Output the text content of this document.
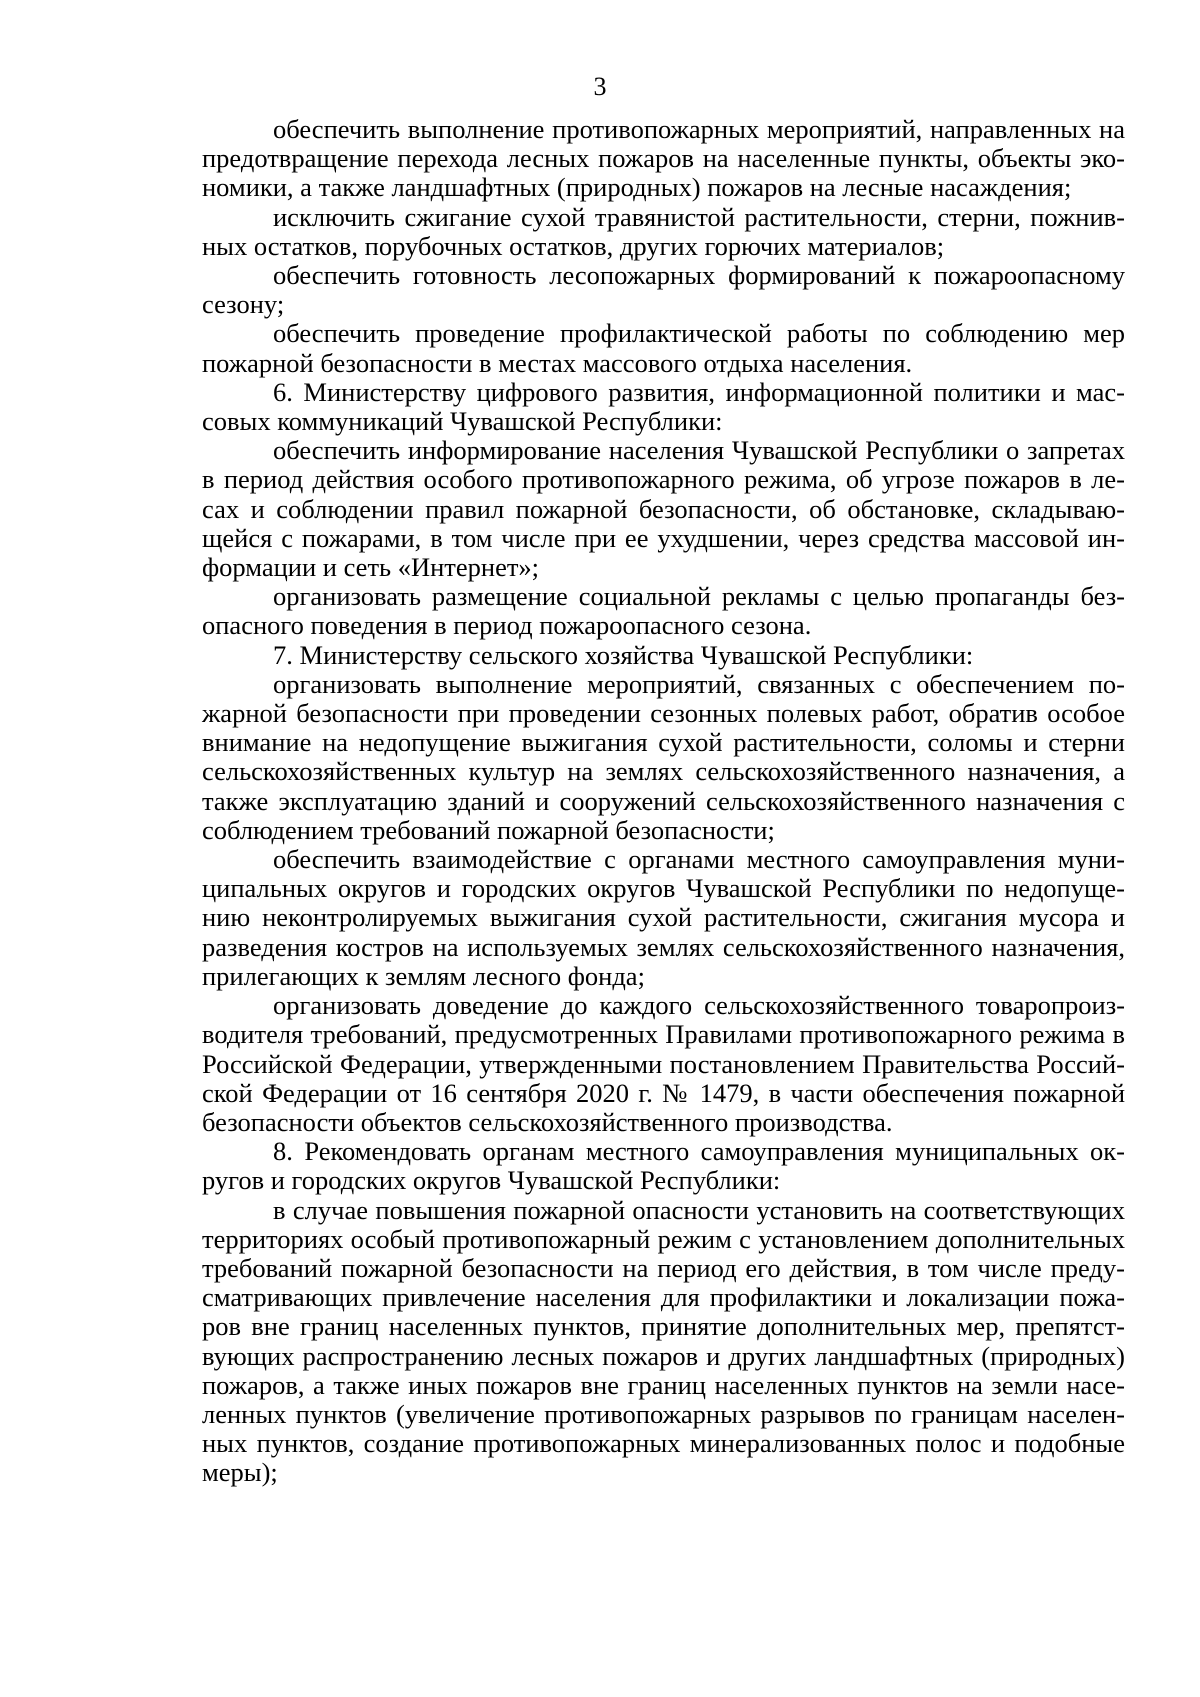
3

обеспечить выполнение противопожарных мероприятий, направленных на предотвращение перехода лесных пожаров на населенные пункты, объекты экономики, а также ландшафтных (природных) пожаров на лесные насаждения;

исключить сжигание сухой травянистой растительности, стерни, пожнивных остатков, порубочных остатков, других горючих материалов;

обеспечить готовность лесопожарных формирований к пожароопасному сезону;

обеспечить проведение профилактической работы по соблюдению мер пожарной безопасности в местах массового отдыха населения.

6. Министерству цифрового развития, информационной политики и массовых коммуникаций Чувашской Республики:

обеспечить информирование населения Чувашской Республики о запретах в период действия особого противопожарного режима, об угрозе пожаров в лесах и соблюдении правил пожарной безопасности, об обстановке, складывающейся с пожарами, в том числе при ее ухудшении, через средства массовой информации и сеть «Интернет»;

организовать размещение социальной рекламы с целью пропаганды безопасного поведения в период пожароопасного сезона.

7. Министерству сельского хозяйства Чувашской Республики:

организовать выполнение мероприятий, связанных с обеспечением пожарной безопасности при проведении сезонных полевых работ, обратив особое внимание на недопущение выжигания сухой растительности, соломы и стерни сельскохозяйственных культур на землях сельскохозяйственного назначения, а также эксплуатацию зданий и сооружений сельскохозяйственного назначения с соблюдением требований пожарной безопасности;

обеспечить взаимодействие с органами местного самоуправления муниципальных округов и городских округов Чувашской Республики по недопущению неконтролируемых выжигания сухой растительности, сжигания мусора и разведения костров на используемых землях сельскохозяйственного назначения, прилегающих к землям лесного фонда;

организовать доведение до каждого сельскохозяйственного товаропроизводителя требований, предусмотренных Правилами противопожарного режима в Российской Федерации, утвержденными постановлением Правительства Российской Федерации от 16 сентября 2020 г. № 1479, в части обеспечения пожарной безопасности объектов сельскохозяйственного производства.

8. Рекомендовать органам местного самоуправления муниципальных округов и городских округов Чувашской Республики:

в случае повышения пожарной опасности установить на соответствующих территориях особый противопожарный режим с установлением дополнительных требований пожарной безопасности на период его действия, в том числе предусматривающих привлечение населения для профилактики и локализации пожаров вне границ населенных пунктов, принятие дополнительных мер, препятствующих распространению лесных пожаров и других ландшафтных (природных) пожаров, а также иных пожаров вне границ населенных пунктов на земли населенных пунктов (увеличение противопожарных разрывов по границам населенных пунктов, создание противопожарных минерализованных полос и подобные меры);
